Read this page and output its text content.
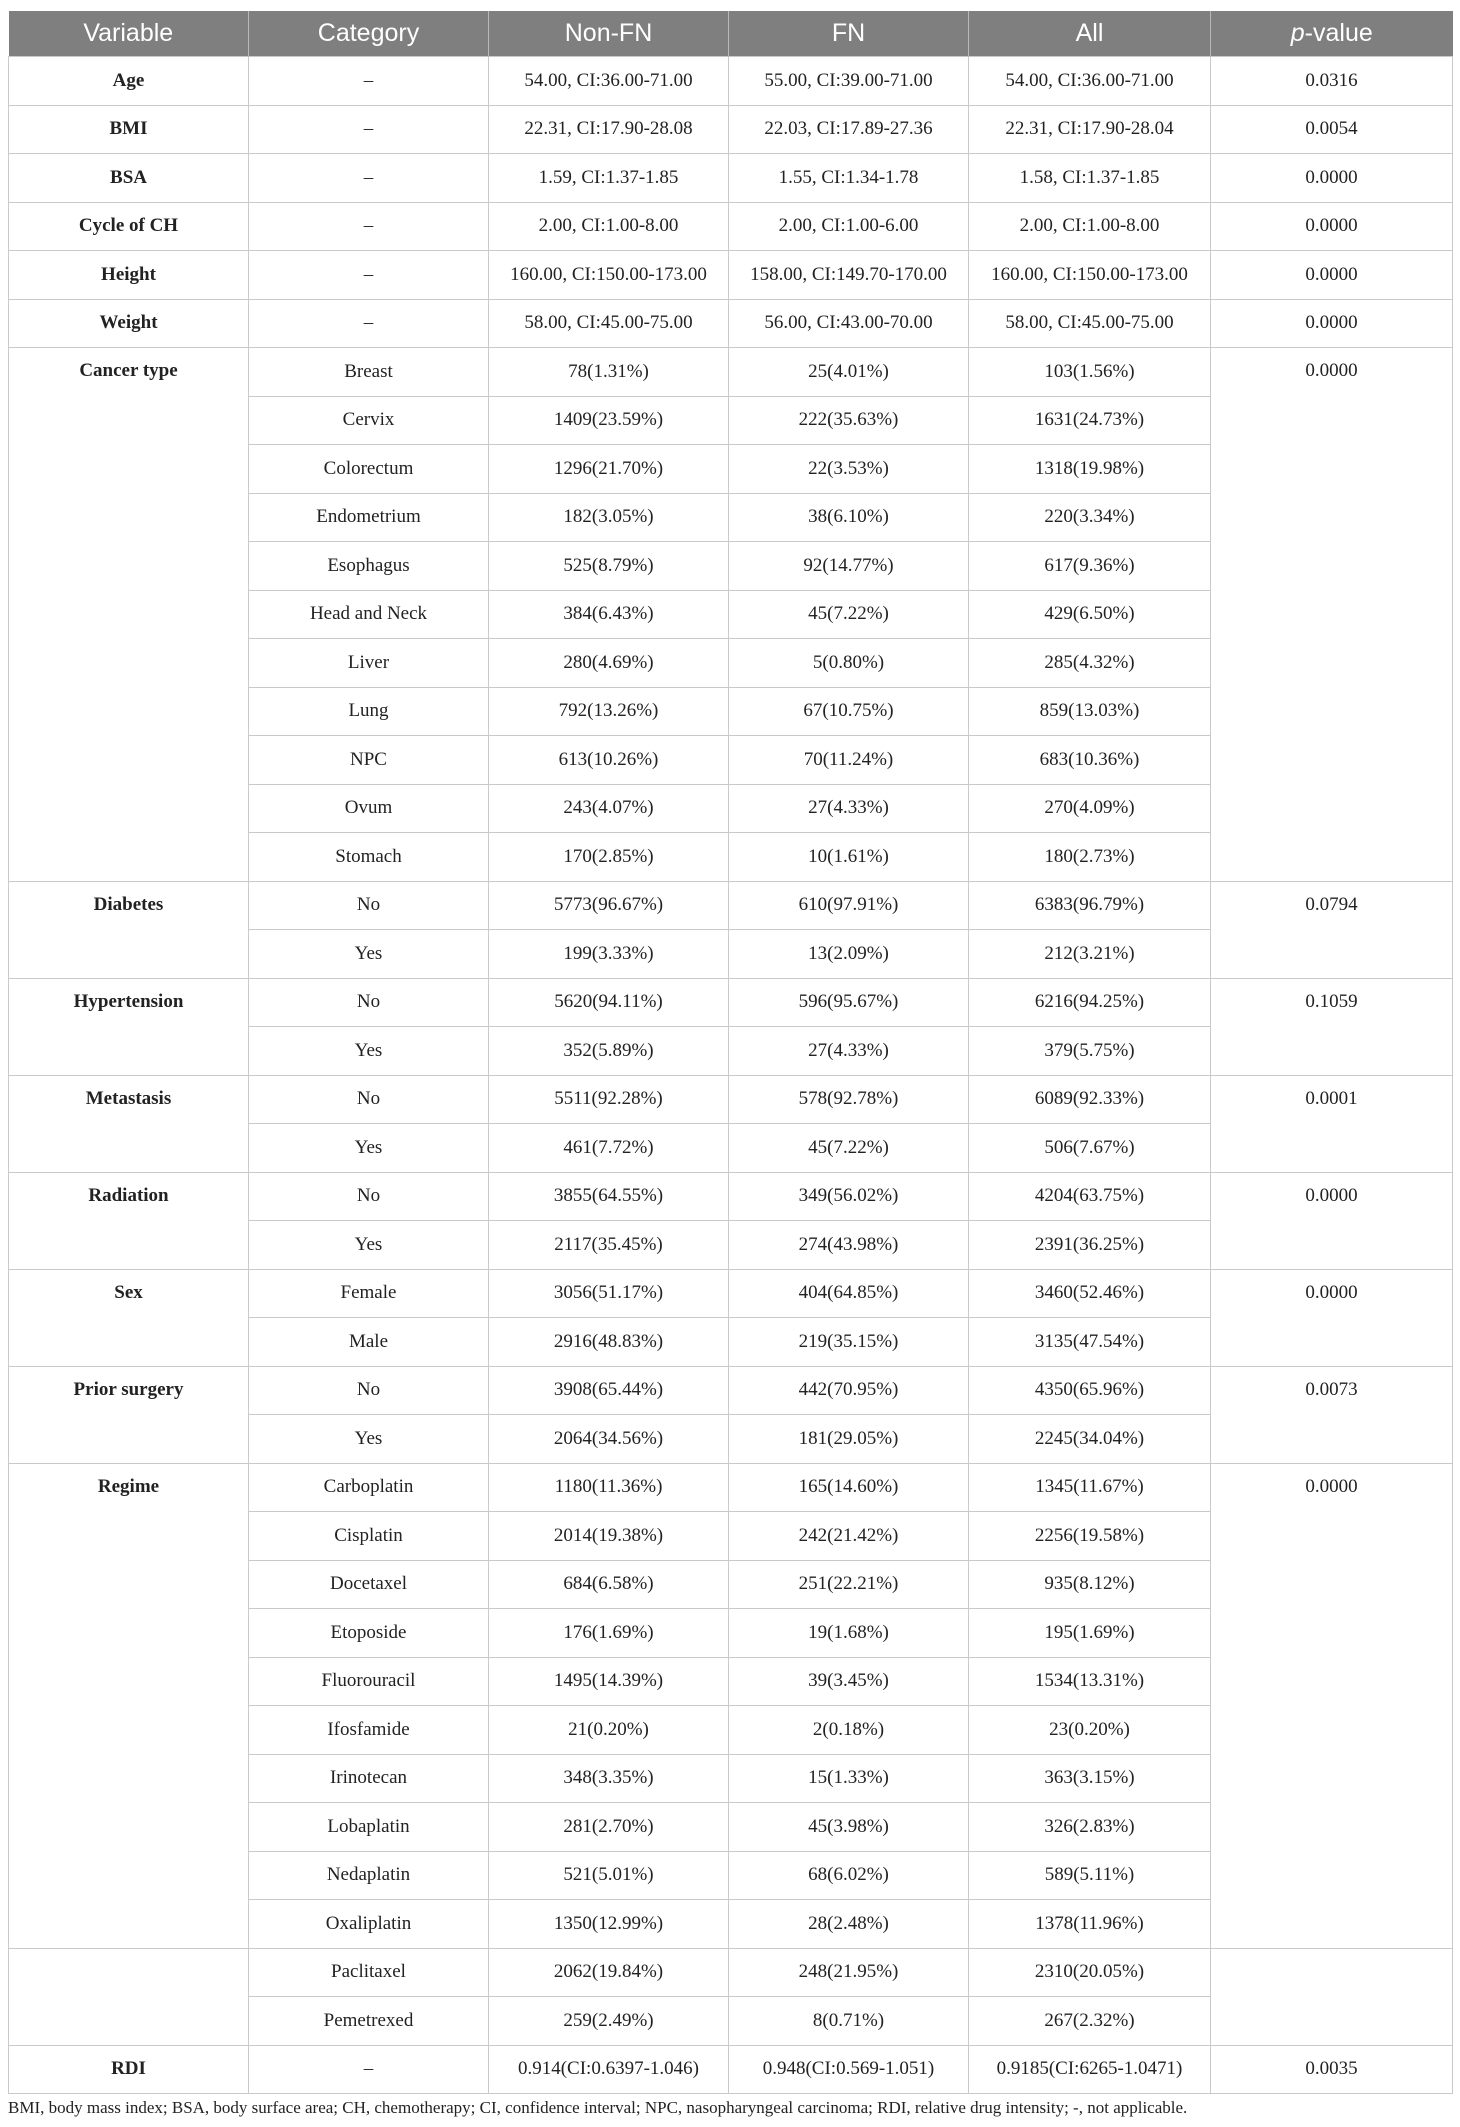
Variable	Category	Non-FN	FN	All	p-value
Age	–	54.00, CI:36.00-71.00	55.00, CI:39.00-71.00	54.00, CI:36.00-71.00	0.0316
BMI	–	22.31, CI:17.90-28.08	22.03, CI:17.89-27.36	22.31, CI:17.90-28.04	0.0054
BSA	–	1.59, CI:1.37-1.85	1.55, CI:1.34-1.78	1.58, CI:1.37-1.85	0.0000
Cycle of CH	–	2.00, CI:1.00-8.00	2.00, CI:1.00-6.00	2.00, CI:1.00-8.00	0.0000
Height	–	160.00, CI:150.00-173.00	158.00, CI:149.70-170.00	160.00, CI:150.00-173.00	0.0000
Weight	–	58.00, CI:45.00-75.00	56.00, CI:43.00-70.00	58.00, CI:45.00-75.00	0.0000
Cancer type	Breast	78(1.31%)	25(4.01%)	103(1.56%)	0.0000
	Cervix	1409(23.59%)	222(35.63%)	1631(24.73%)	
	Colorectum	1296(21.70%)	22(3.53%)	1318(19.98%)	
	Endometrium	182(3.05%)	38(6.10%)	220(3.34%)	
	Esophagus	525(8.79%)	92(14.77%)	617(9.36%)	
	Head and Neck	384(6.43%)	45(7.22%)	429(6.50%)	
	Liver	280(4.69%)	5(0.80%)	285(4.32%)	
	Lung	792(13.26%)	67(10.75%)	859(13.03%)	
	NPC	613(10.26%)	70(11.24%)	683(10.36%)	
	Ovum	243(4.07%)	27(4.33%)	270(4.09%)	
	Stomach	170(2.85%)	10(1.61%)	180(2.73%)	
Diabetes	No	5773(96.67%)	610(97.91%)	6383(96.79%)	0.0794
	Yes	199(3.33%)	13(2.09%)	212(3.21%)	
Hypertension	No	5620(94.11%)	596(95.67%)	6216(94.25%)	0.1059
	Yes	352(5.89%)	27(4.33%)	379(5.75%)	
Metastasis	No	5511(92.28%)	578(92.78%)	6089(92.33%)	0.0001
	Yes	461(7.72%)	45(7.22%)	506(7.67%)	
Radiation	No	3855(64.55%)	349(56.02%)	4204(63.75%)	0.0000
	Yes	2117(35.45%)	274(43.98%)	2391(36.25%)	
Sex	Female	3056(51.17%)	404(64.85%)	3460(52.46%)	0.0000
	Male	2916(48.83%)	219(35.15%)	3135(47.54%)	
Prior surgery	No	3908(65.44%)	442(70.95%)	4350(65.96%)	0.0073
	Yes	2064(34.56%)	181(29.05%)	2245(34.04%)	
Regime	Carboplatin	1180(11.36%)	165(14.60%)	1345(11.67%)	0.0000
	Cisplatin	2014(19.38%)	242(21.42%)	2256(19.58%)	
	Docetaxel	684(6.58%)	251(22.21%)	935(8.12%)	
	Etoposide	176(1.69%)	19(1.68%)	195(1.69%)	
	Fluorouracil	1495(14.39%)	39(3.45%)	1534(13.31%)	
	Ifosfamide	21(0.20%)	2(0.18%)	23(0.20%)	
	Irinotecan	348(3.35%)	15(1.33%)	363(3.15%)	
	Lobaplatin	281(2.70%)	45(3.98%)	326(2.83%)	
	Nedaplatin	521(5.01%)	68(6.02%)	589(5.11%)	
	Oxaliplatin	1350(12.99%)	28(2.48%)	1378(11.96%)	
	Paclitaxel	2062(19.84%)	248(21.95%)	2310(20.05%)	
	Pemetrexed	259(2.49%)	8(0.71%)	267(2.32%)	
RDI	–	0.914(CI:0.6397-1.046)	0.948(CI:0.569-1.051)	0.9185(CI:6265-1.0471)	0.0035
BMI, body mass index; BSA, body surface area; CH, chemotherapy; CI, confidence interval; NPC, nasopharyngeal carcinoma; RDI, relative drug intensity; -, not applicable.
